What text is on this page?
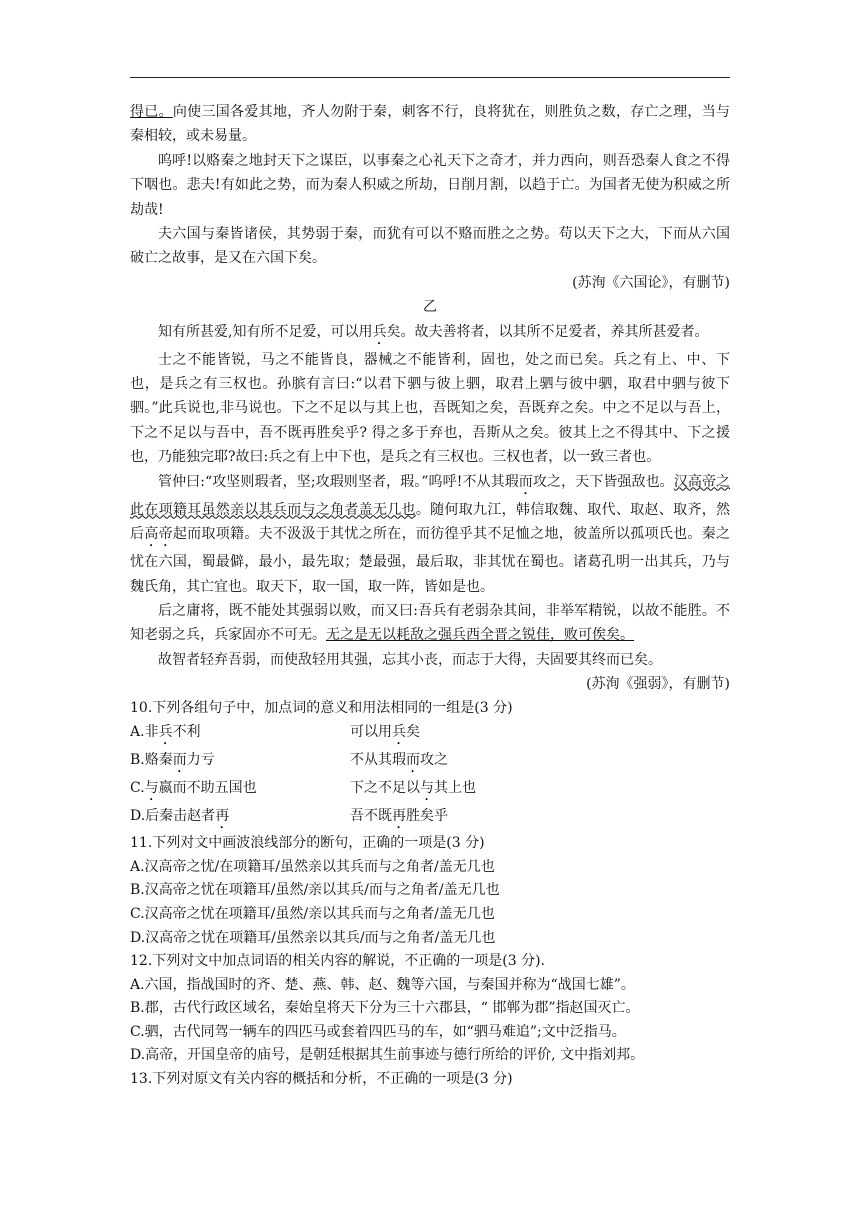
得已。向使三国各爱其地，齐人勿附于秦，刺客不行，良将犹在，则胜负之数，存亡之理，当与秦相较，或未易量。

呜呼!以赂秦之地封天下之谋臣，以事秦之心礼天下之奇才，并力西向，则吾恐秦人食之不得下咽也。悲夫!有如此之势，而为秦人积威之所劫，日削月割，以趋于亡。为国者无使为积威之所劫哉!

夫六国与秦皆诸侯，其势弱于秦，而犹有可以不赂而胜之之势。苟以天下之大，下而从六国破亡之故事，是又在六国下矣。

(苏洵《六国论》，有删节)

乙

知有所甚爱,知有所不足爱，可以用兵矣。故夫善将者，以其所不足爱者，养其所甚爱者。

士之不能皆锐，马之不能皆良，器械之不能皆利，固也，处之而已矣。兵之有上、中、下也，是兵之有三权也。孙膑有言曰:“以君下驷与彼上驷，取君上驷与彼中驷，取君中驷与彼下驷。”此兵说也,非马说也。下之不足以与其上也，吾既知之矣，吾既弃之矣。中之不足以与吾上，下之不足以与吾中，吾不既再胜矣乎? 得之多于弃也，吾斯从之矣。彼其上之不得其中、下之援也，乃能独完耶?故曰:兵之有上中下也，是兵之有三权也。三权也者，以一致三者也。

管仲曰:“攻坚则瑕者，坚;攻瑕则坚者，瑕。”呜呼!不从其瑕而攻之，天下皆强敌也。汉高帝之此在项籍耳虽然亲以其兵而与之角者盖无几也。随何取九江，韩信取魏、取代、取赵、取齐，然后高帝起而取项籍。夫不汲汲于其忧之所在，而彷徨乎其不足恤之地，彼盖所以孤项氏也。秦之忧在六国，蜀最僻，最小，最先取；楚最强，最后取，非其忧在蜀也。诸葛孔明一出其兵，乃与魏氏角，其亡宜也。取天下，取一国，取一阵，皆如是也。

后之庸将，既不能处其强弱以败，而又曰:吾兵有老弱杂其间，非举军精锐，以故不能胜。不知老弱之兵，兵家固亦不可无。无之是无以耗敌之强兵西全晋之锐佳，败可俟矣。

故智者轻弃吾弱，而使敌轻用其强，忘其小丧，而志于大得，夫固要其终而已矣。

(苏洵《强弱》，有删节)

10.下列各组句子中，加点词的意义和用法相同的一组是(3 分)

A.非兵不利	可以用兵矣
B.赂秦而力亏	不从其瑕而攻之
C.与嬴而不助五国也	下之不足以与其上也
D.后秦击赵者再	吾不既再胜矣乎

11.下列对文中画波浪线部分的断句，正确的一项是(3 分)

A.汉高帝之忧/在项籍耳/虽然亲以其兵而与之角者/盖无几也

B.汉高帝之忧在项籍耳/虽然/亲以其兵/而与之角者/盖无几也

C.汉高帝之忧在项籍耳/虽然/亲以其兵而与之角者/盖无几也

D.汉高帝之忧在项籍耳/虽然亲以其兵/而与之角者/盖无几也

12.下列对文中加点词语的相关内容的解说，不正确的一项是(3 分).

A.六国，指战国时的齐、楚、燕、韩、赵、魏等六国，与秦国并称为“战国七雄”。

B.郡，古代行政区域名，秦始皇将天下分为三十六郡县，“ 邯郸为郡”指赵国灭亡。

C.驷，古代同驾一辆车的四匹马或套着四匹马的车，如“驷马难追”;文中泛指马。

D.高帝，开国皇帝的庙号，是朝廷根据其生前事迹与德行所给的评价, 文中指刘邦。

13.下列对原文有关内容的概括和分析，不正确的一项是(3 分)
